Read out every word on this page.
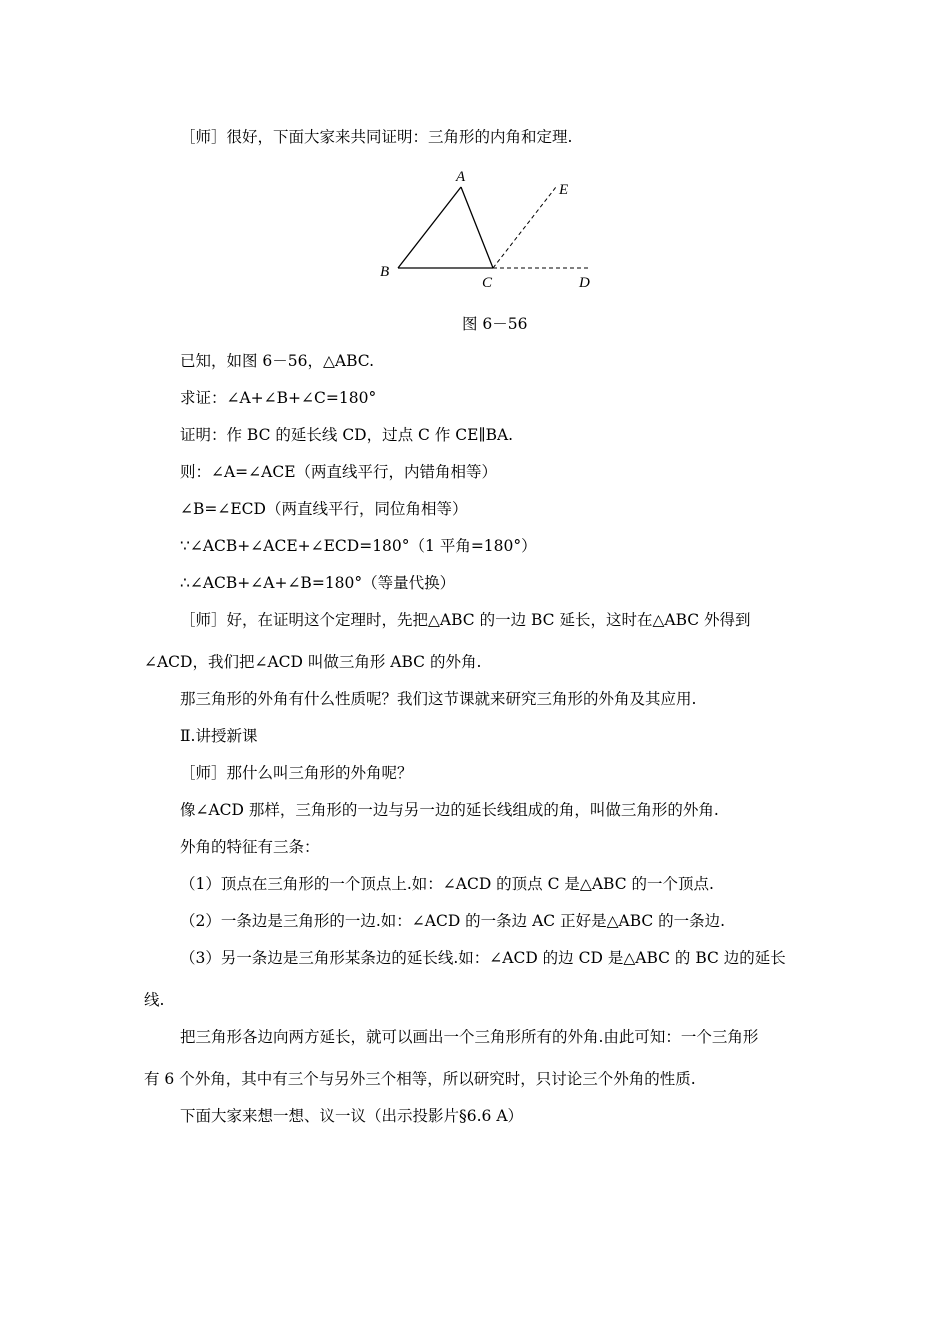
［师］很好，下面大家来共同证明：三角形的内角和定理.
A
B
C	D
E
图 6－56
已知，如图 6－56，△ABC.
求证：∠A+∠B+∠C=180°
证明：作 BC 的延长线 CD，过点 C 作 CE∥BA.
则：∠A=∠ACE（两直线平行，内错角相等）
∠B=∠ECD（两直线平行，同位角相等）
∵∠ACB+∠ACE+∠ECD=180°（1 平角=180°）
∴∠ACB+∠A+∠B=180°（等量代换）
［师］好，在证明这个定理时，先把△ABC 的一边 BC 延长，这时在△ABC 外得到
∠ACD，我们把∠ACD 叫做三角形 ABC 的外角.
那三角形的外角有什么性质呢？我们这节课就来研究三角形的外角及其应用.
Ⅱ.讲授新课
［师］那什么叫三角形的外角呢？
像∠ACD 那样，三角形的一边与另一边的延长线组成的角，叫做三角形的外角.
外角的特征有三条：
（1）顶点在三角形的一个顶点上.如：∠ACD 的顶点 C 是△ABC 的一个顶点.
（2）一条边是三角形的一边.如：∠ACD 的一条边 AC 正好是△ABC 的一条边.
（3）另一条边是三角形某条边的延长线.如：∠ACD 的边 CD 是△ABC 的 BC 边的延长
线.
把三角形各边向两方延长，就可以画出一个三角形所有的外角.由此可知：一个三角形
有 6 个外角，其中有三个与另外三个相等，所以研究时，只讨论三个外角的性质.
下面大家来想一想、议一议（出示投影片§6.6 A）
